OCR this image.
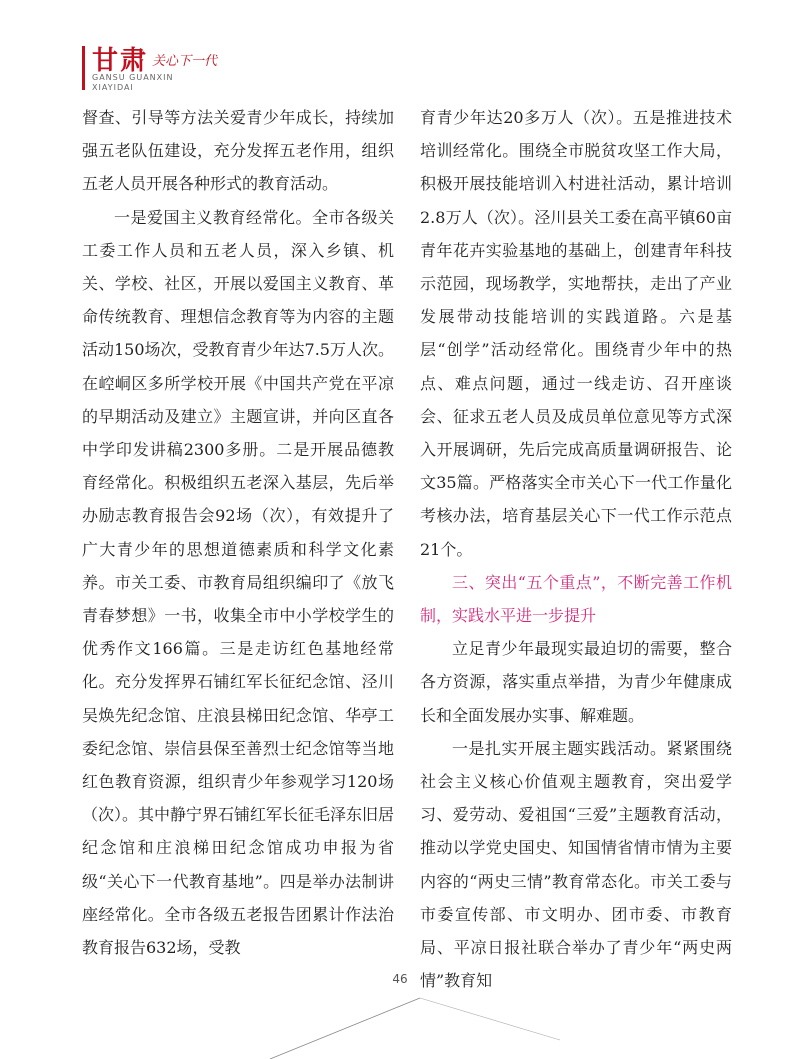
甘肃 关心下一代
GANSU GUANXIN
XIAYIDAI

督查、引导等方法关爱青少年成长，持续加强五老队伍建设，充分发挥五老作用，组织五老人员开展各种形式的教育活动。

一是爱国主义教育经常化。全市各级关工委工作人员和五老人员，深入乡镇、机关、学校、社区，开展以爱国主义教育、革命传统教育、理想信念教育等为内容的主题活动150场次，受教育青少年达7.5万人次。在崆峒区多所学校开展《中国共产党在平凉的早期活动及建立》主题宣讲，并向区直各中学印发讲稿2300多册。二是开展品德教育经常化。积极组织五老深入基层，先后举办励志教育报告会92场（次），有效提升了广大青少年的思想道德素质和科学文化素养。市关工委、市教育局组织编印了《放飞青春梦想》一书，收集全市中小学校学生的优秀作文166篇。三是走访红色基地经常化。充分发挥界石铺红军长征纪念馆、泾川吴焕先纪念馆、庄浪县梯田纪念馆、华亭工委纪念馆、崇信县保至善烈士纪念馆等当地红色教育资源，组织青少年参观学习120场（次）。其中静宁界石铺红军长征毛泽东旧居纪念馆和庄浪梯田纪念馆成功申报为省级“关心下一代教育基地”。四是举办法制讲座经常化。全市各级五老报告团累计作法治教育报告632场，受教

育青少年达20多万人（次）。五是推进技术培训经常化。围绕全市脱贫攻坚工作大局，积极开展技能培训入村进社活动，累计培训2.8万人（次）。泾川县关工委在高平镇60亩青年花卉实验基地的基础上，创建青年科技示范园，现场教学，实地帮扶，走出了产业发展带动技能培训的实践道路。六是基层“创学”活动经常化。围绕青少年中的热点、难点问题，通过一线走访、召开座谈会、征求五老人员及成员单位意见等方式深入开展调研，先后完成高质量调研报告、论文35篇。严格落实全市关心下一代工作量化考核办法，培育基层关心下一代工作示范点21个。

三、突出“五个重点”，不断完善工作机制，实践水平进一步提升

立足青少年最现实最迫切的需要，整合各方资源，落实重点举措，为青少年健康成长和全面发展办实事、解难题。

一是扎实开展主题实践活动。紧紧围绕社会主义核心价值观主题教育，突出爱学习、爱劳动、爱祖国“三爱”主题教育活动，推动以学党史国史、知国情省情市情为主要内容的“两史三情”教育常态化。市关工委与市委宣传部、市文明办、团市委、市教育局、平凉日报社联合举办了青少年“两史两情”教育知

46
